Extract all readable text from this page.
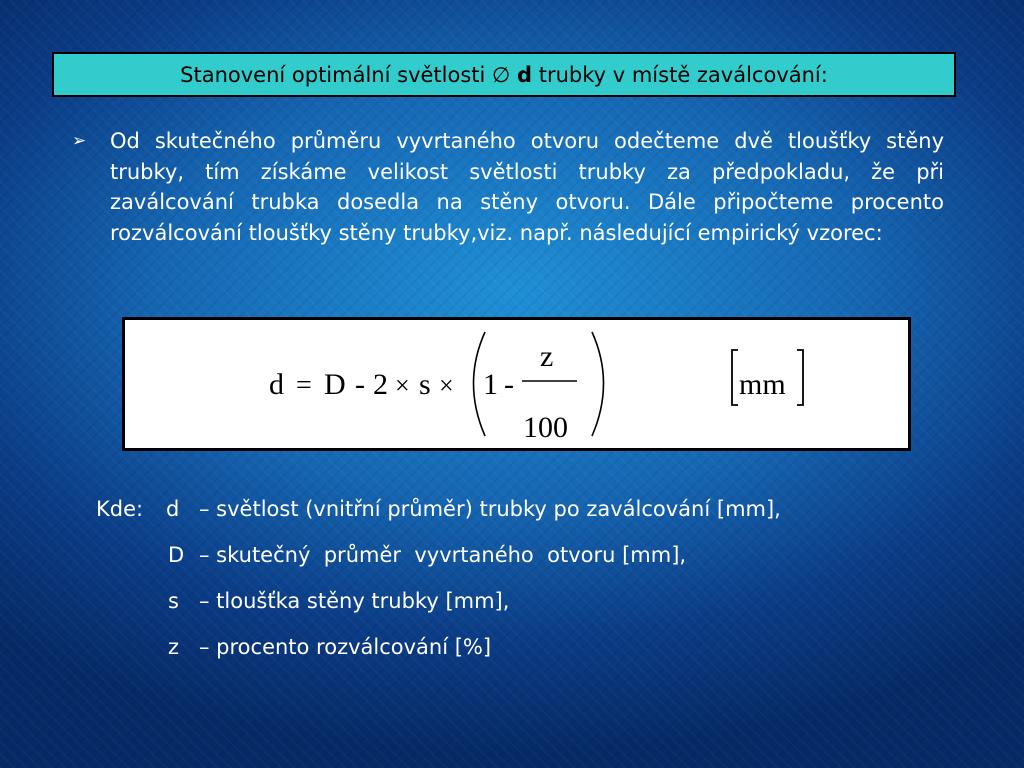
Stanovení optimální světlosti ∅
d trubky v místě zaválcování:
➢ Od skutečného průměru vyvrtaného otvoru odečteme dvě tloušťky stěny trubky, tím získáme velikost světlosti trubky za předpokladu, že při zaválcování trubka dosedla na stěny otvoru. Dále připočteme procento rozválcování tloušťky stěny trubky,viz. např. následující empirický vzorec:
d = D - 2 × s × 1 -
z
100
mm
Kde: d – světlost (vnitřní průměr) trubky po zaválcování [mm],
D – skutečný  průměr  vyvrtaného  otvoru [mm],
s – tloušťka stěny trubky [mm],
z – procento rozválcování [%]
